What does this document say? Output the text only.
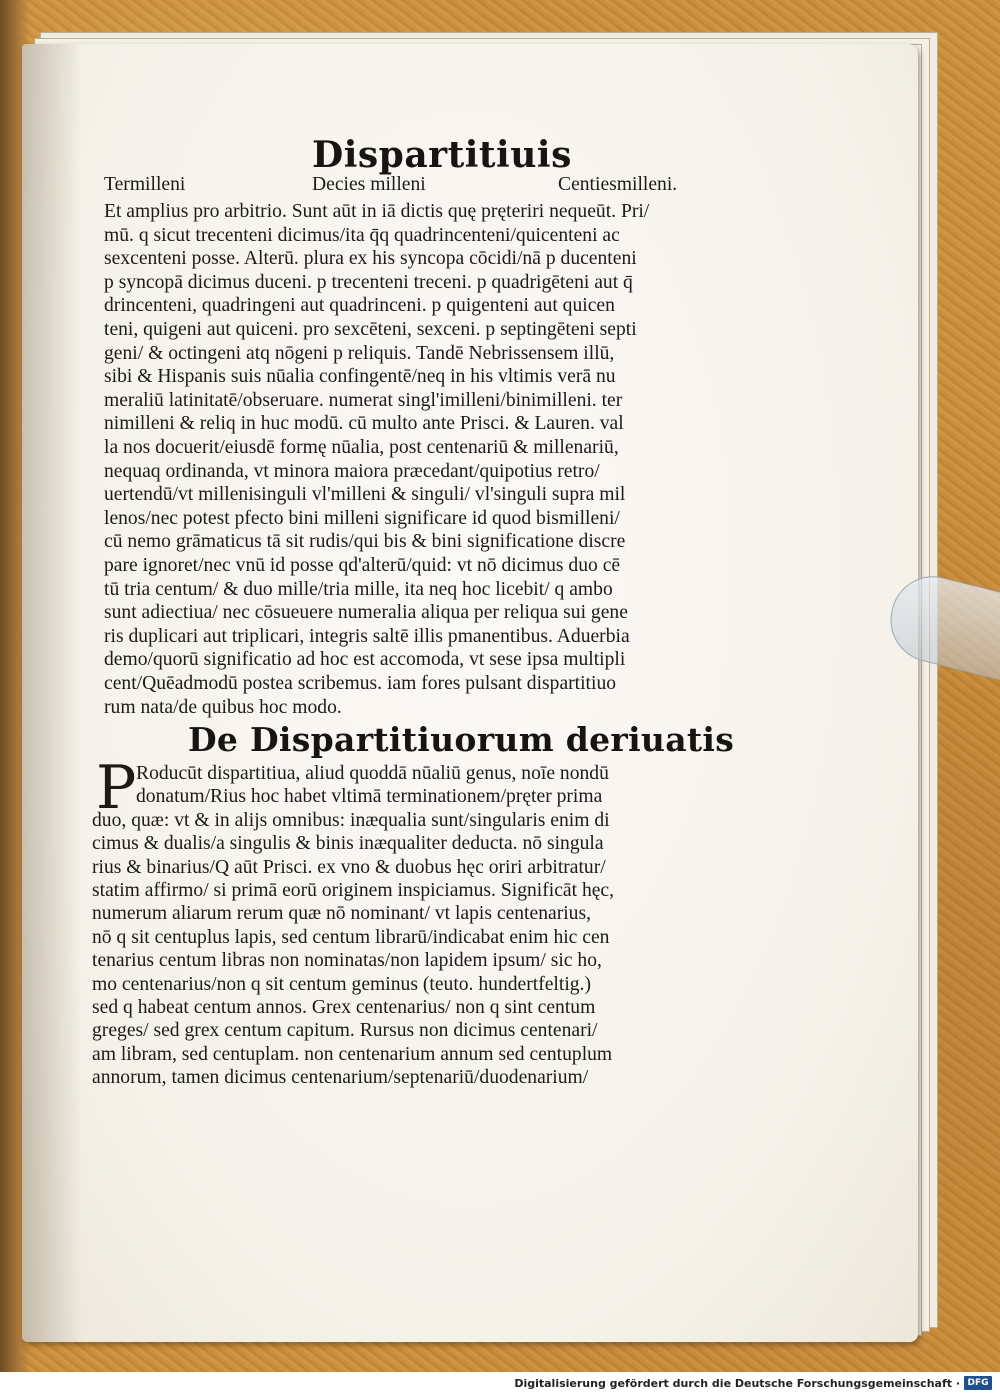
Dispartitiuis
Termilleni	Decies milleni	Centiesmilleni.
Et amplius pro arbitrio. Sunt aūt in iā dictis quę pręteriri nequeūt. Pri/
mū. q sicut trecenteni dicimus/ita q̄q quadrincenteni/quicenteni ac
sexcenteni posse. Alterū. plura ex his syncopa cōcidi/nā p ducenteni
p syncopā dicimus duceni. p trecenteni treceni. p quadrigēteni aut q̄
drincenteni, quadringeni aut quadrinceni. p quigenteni aut quicen
teni, quigeni aut quiceni. pro sexcēteni, sexceni. p septingēteni septi
geni/ & octingeni atq nōgeni p reliquis. Tandē Nebrissensem illū,
sibi & Hispanis suis nūalia confingentē/neq in his vltimis verā nu
meraliū latinitatē/obseruare. numerat singl'imilleni/binimilleni. ter
nimilleni & reliq in huc modū. cū multo ante Prisci. & Lauren. val
la nos docuerit/eiusdē formę nūalia, post centenariū & millenariū,
nequaq ordinanda, vt minora maiora præcedant/quipotius retro/
uertendū/vt millenisinguli vl'milleni & singuli/ vl'singuli supra mil
lenos/nec potest pfecto bini milleni significare id quod bismilleni/
cū nemo grāmaticus tā sit rudis/qui bis & bini significatione discre
pare ignoret/nec vnū id posse qd'alterū/quid: vt nō dicimus duo cē
tū tria centum/ & duo mille/tria mille, ita neq hoc licebit/ q ambo
sunt adiectiua/ nec cōsueuere numeralia aliqua per reliqua sui gene
ris duplicari aut triplicari, integris saltē illis pmanentibus. Aduerbia
demo/quorū significatio ad hoc est accomoda, vt sese ipsa multipli
cent/Quēadmodū postea scribemus. iam fores pulsant dispartitiuo
rum nata/de quibus hoc modo.
De Dispartitiuorum deriuatis
P Roducūt dispartitiua, aliud quoddā nūaliū genus, noīe nondū
donatum/Rius hoc habet vltimā terminationem/pręter prima
duo, quæ: vt & in alijs omnibus: inæqualia sunt/singularis enim di
cimus & dualis/a singulis & binis inæqualiter deducta. nō singula
rius & binarius/Q aūt Prisci. ex vno & duobus hęc oriri arbitratur/
statim affirmo/ si primā eorū originem inspiciamus. Significāt hęc,
numerum aliarum rerum quæ nō nominant/ vt lapis centenarius,
nō q sit centuplus lapis, sed centum librarū/indicabat enim hic cen
tenarius centum libras non nominatas/non lapidem ipsum/ sic ho,
mo centenarius/non q sit centum geminus (teuto. hundertfeltig.)
sed q habeat centum annos. Grex centenarius/ non q sint centum
greges/ sed grex centum capitum. Rursus non dicimus centenari/
am libram, sed centuplam. non centenarium annum sed centuplum
annorum, tamen dicimus centenarium/septenariū/duodenarium/
Digitalisierung gefördert durch die Deutsche Forschungsgemeinschaft · DFG
